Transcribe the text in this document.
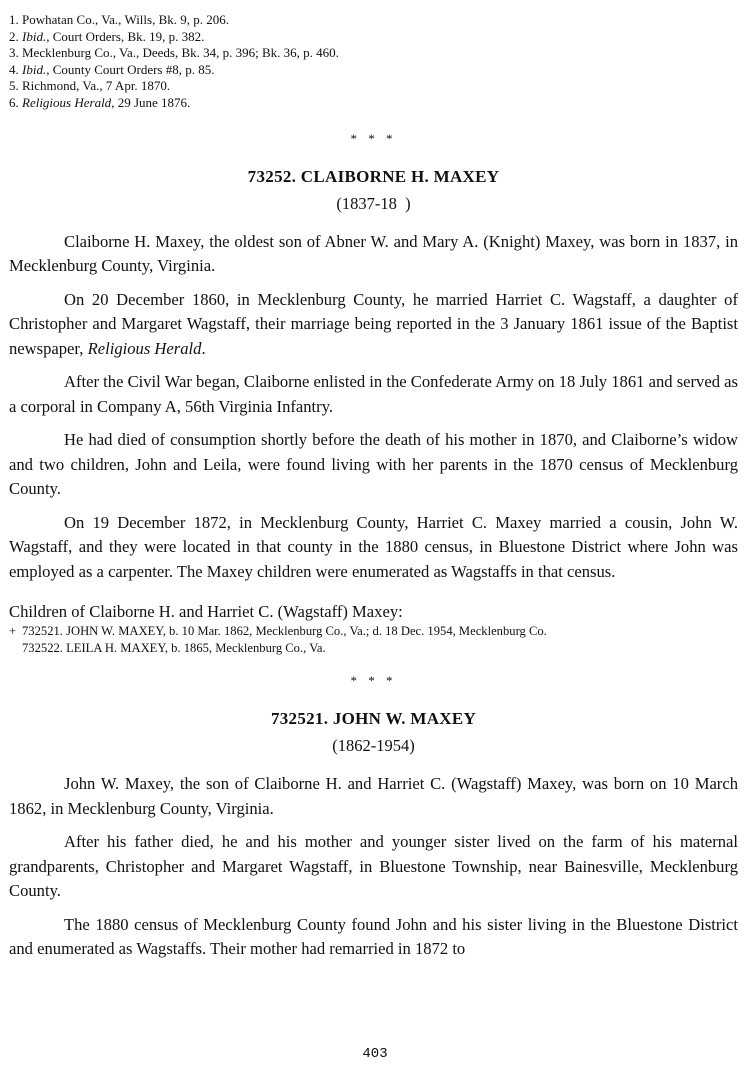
1. Powhatan Co., Va., Wills, Bk. 9, p. 206.
2. Ibid., Court Orders, Bk. 19, p. 382.
3. Mecklenburg Co., Va., Deeds, Bk. 34, p. 396; Bk. 36, p. 460.
4. Ibid., County Court Orders #8, p. 85.
5. Richmond, Va., 7 Apr. 1870.
6. Religious Herald, 29 June 1876.
* * *
73252. CLAIBORNE H. MAXEY
(1837-18  )

Claiborne H. Maxey, the oldest son of Abner W. and Mary A. (Knight) Maxey, was born in 1837, in Mecklenburg County, Virginia.

On 20 December 1860, in Mecklenburg County, he married Harriet C. Wagstaff, a daughter of Christopher and Margaret Wagstaff, their marriage being reported in the 3 January 1861 issue of the Baptist newspaper, Religious Herald.

After the Civil War began, Claiborne enlisted in the Confederate Army on 18 July 1861 and served as a corporal in Company A, 56th Virginia Infantry.

He had died of consumption shortly before the death of his mother in 1870, and Claiborne’s widow and two children, John and Leila, were found living with her parents in the 1870 census of Mecklenburg County.

On 19 December 1872, in Mecklenburg County, Harriet C. Maxey married a cousin, John W. Wagstaff, and they were located in that county in the 1880 census, in Bluestone District where John was employed as a carpenter. The Maxey children were enumerated as Wagstaffs in that census.

Children of Claiborne H. and Harriet C. (Wagstaff) Maxey:

+ 732521. JOHN W. MAXEY, b. 10 Mar. 1862, Mecklenburg Co., Va.; d. 18 Dec. 1954, Mecklenburg Co.
732522. LEILA H. MAXEY, b. 1865, Mecklenburg Co., Va.
* * *
732521. JOHN W. MAXEY
(1862-1954)

John W. Maxey, the son of Claiborne H. and Harriet C. (Wagstaff) Maxey, was born on 10 March 1862, in Mecklenburg County, Virginia.

After his father died, he and his mother and younger sister lived on the farm of his maternal grandparents, Christopher and Margaret Wagstaff, in Bluestone Township, near Bainesville, Mecklenburg County.

The 1880 census of Mecklenburg County found John and his sister living in the Bluestone District and enumerated as Wagstaffs. Their mother had remarried in 1872 to

403
